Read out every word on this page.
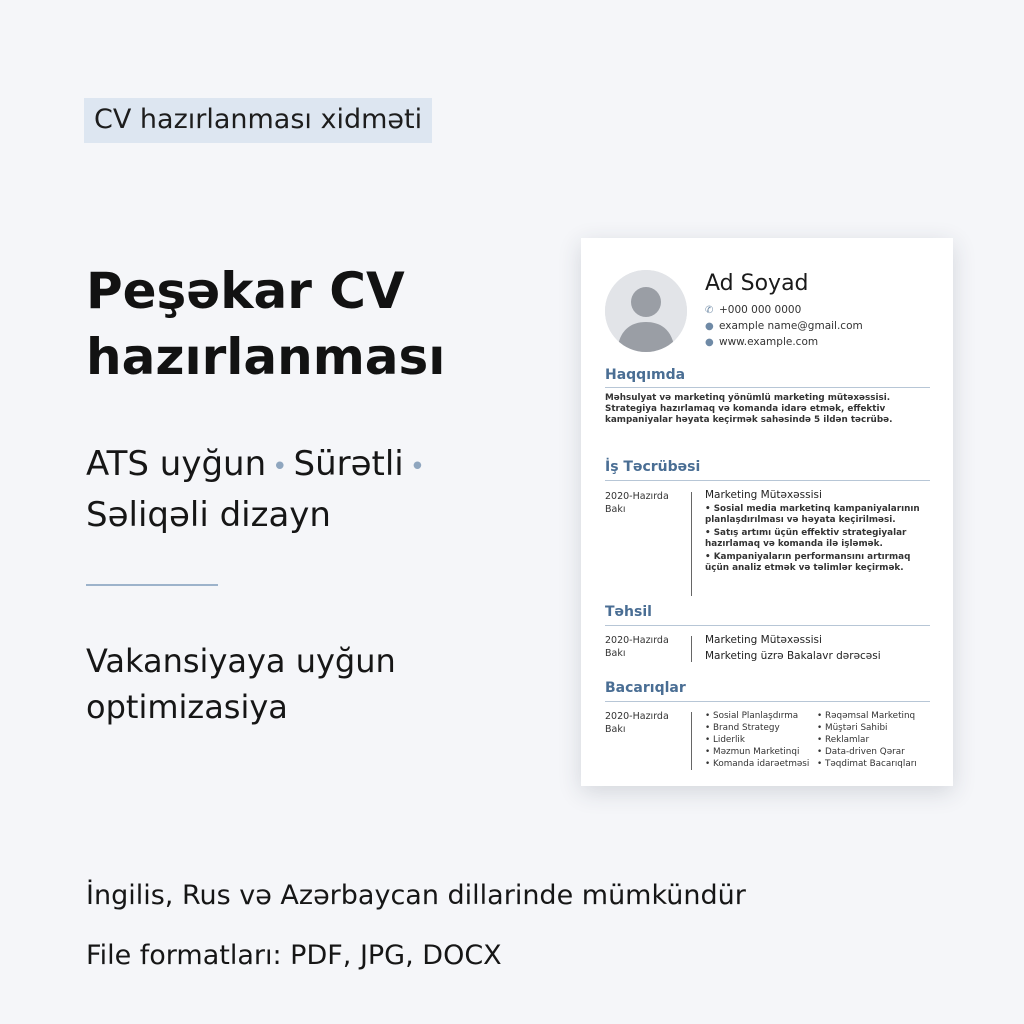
CV hazırlanması xidməti
Peşəkar CV
hazırlanması
ATS uyğun • Sürətli •
Səliqəli dizayn
Vakansiyaya uyğun
optimizasiya
İngilis, Rus və Azərbaycan dillarinde mümkündür
File formatları: PDF, JPG, DOCX
Ad Soyad
✆ +000 000 0000
● example name@gmail.com
● www.example.com
Haqqımda
Məhsulyat və marketinq yönümlü marketing mütəxəssisi. Strategiya hazırlamaq və komanda idarə etmək, effektiv kampaniyalar həyata keçirmək sahəsində 5 ildən təcrübə.
İş Təcrübəsi
2020-Hazırda
Bakı
Marketing Mütəxəssisi
• Sosial media marketinq kampaniyalarının planlaşdırılması və həyata keçirilməsi.
• Satış artımı üçün effektiv strategiyalar hazırlamaq və komanda ilə işləmək.
• Kampaniyaların performansını artırmaq üçün analiz etmək və təlimlər keçirmək.
Təhsil
2020-Hazırda
Bakı
Marketing Mütəxəssisi
Marketing üzrə Bakalavr dərəcəsi
Bacarıqlar
2020-Hazırda
Bakı
• Sosial Planlaşdırma
• Brand Strategy
• Liderlik
• Məzmun Marketinqi
• Komanda idarəetməsi
• Rəqəmsal Marketinq
• Müştəri Sahibi
• Reklamlar
• Data-driven Qərar
• Təqdimat Bacarıqları
